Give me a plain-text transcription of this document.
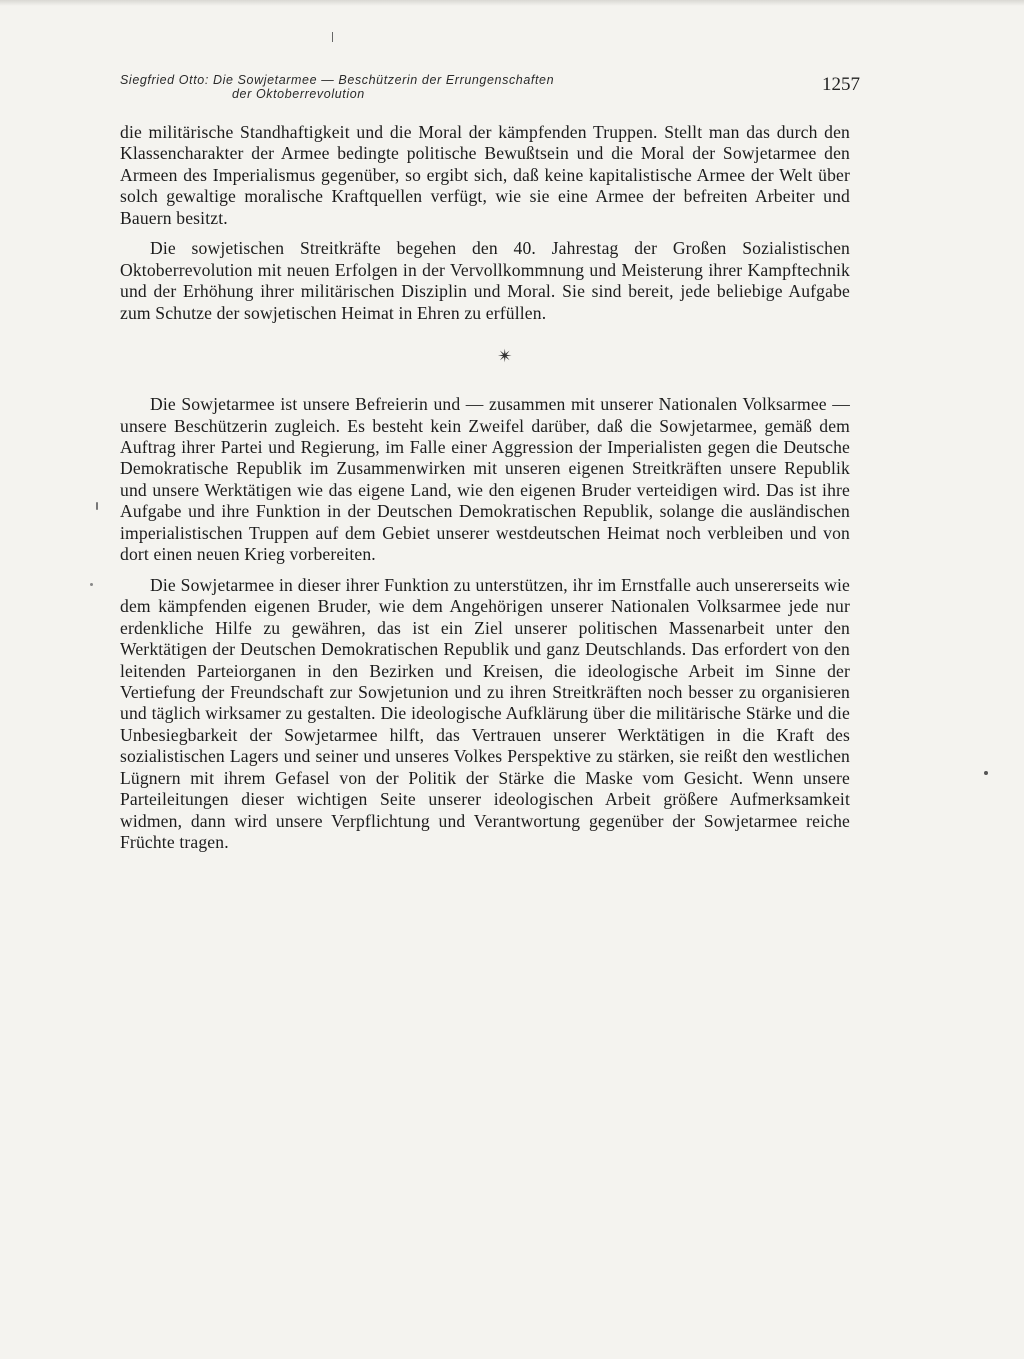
Siegfried Otto: Die Sowjetarmee — Beschützerin der Errungenschaften
der Oktoberrevolution	1257

die militärische Standhaftigkeit und die Moral der kämpfenden Truppen. Stellt man das durch den Klassencharakter der Armee bedingte politische Bewußtsein und die Moral der Sowjetarmee den Armeen des Imperialismus gegenüber, so ergibt sich, daß keine kapitalistische Armee der Welt über solch gewaltige moralische Kraftquellen verfügt, wie sie eine Armee der befreiten Arbeiter und Bauern besitzt.

Die sowjetischen Streitkräfte begehen den 40. Jahrestag der Großen Sozialistischen Oktoberrevolution mit neuen Erfolgen in der Vervollkommnung und Meisterung ihrer Kampftechnik und der Erhöhung ihrer militärischen Disziplin und Moral. Sie sind bereit, jede beliebige Aufgabe zum Schutze der sowjetischen Heimat in Ehren zu erfüllen.

✴

Die Sowjetarmee ist unsere Befreierin und — zusammen mit unserer Nationalen Volksarmee — unsere Beschützerin zugleich. Es besteht kein Zweifel darüber, daß die Sowjetarmee, gemäß dem Auftrag ihrer Partei und Regierung, im Falle einer Aggression der Imperialisten gegen die Deutsche Demokratische Republik im Zusammenwirken mit unseren eigenen Streitkräften unsere Republik und unsere Werktätigen wie das eigene Land, wie den eigenen Bruder verteidigen wird. Das ist ihre Aufgabe und ihre Funktion in der Deutschen Demokratischen Republik, solange die ausländischen imperialistischen Truppen auf dem Gebiet unserer westdeutschen Heimat noch verbleiben und von dort einen neuen Krieg vorbereiten.

Die Sowjetarmee in dieser ihrer Funktion zu unterstützen, ihr im Ernstfalle auch unsererseits wie dem kämpfenden eigenen Bruder, wie dem Angehörigen unserer Nationalen Volksarmee jede nur erdenkliche Hilfe zu gewähren, das ist ein Ziel unserer politischen Massenarbeit unter den Werktätigen der Deutschen Demokratischen Republik und ganz Deutschlands. Das erfordert von den leitenden Parteiorganen in den Bezirken und Kreisen, die ideologische Arbeit im Sinne der Vertiefung der Freundschaft zur Sowjetunion und zu ihren Streitkräften noch besser zu organisieren und täglich wirksamer zu gestalten. Die ideologische Aufklärung über die militärische Stärke und die Unbesiegbarkeit der Sowjetarmee hilft, das Vertrauen unserer Werktätigen in die Kraft des sozialistischen Lagers und seiner und unseres Volkes Perspektive zu stärken, sie reißt den westlichen Lügnern mit ihrem Gefasel von der Politik der Stärke die Maske vom Gesicht. Wenn unsere Parteileitungen dieser wichtigen Seite unserer ideologischen Arbeit größere Aufmerksamkeit widmen, dann wird unsere Verpflichtung und Verantwortung gegenüber der Sowjetarmee reiche Früchte tragen.
